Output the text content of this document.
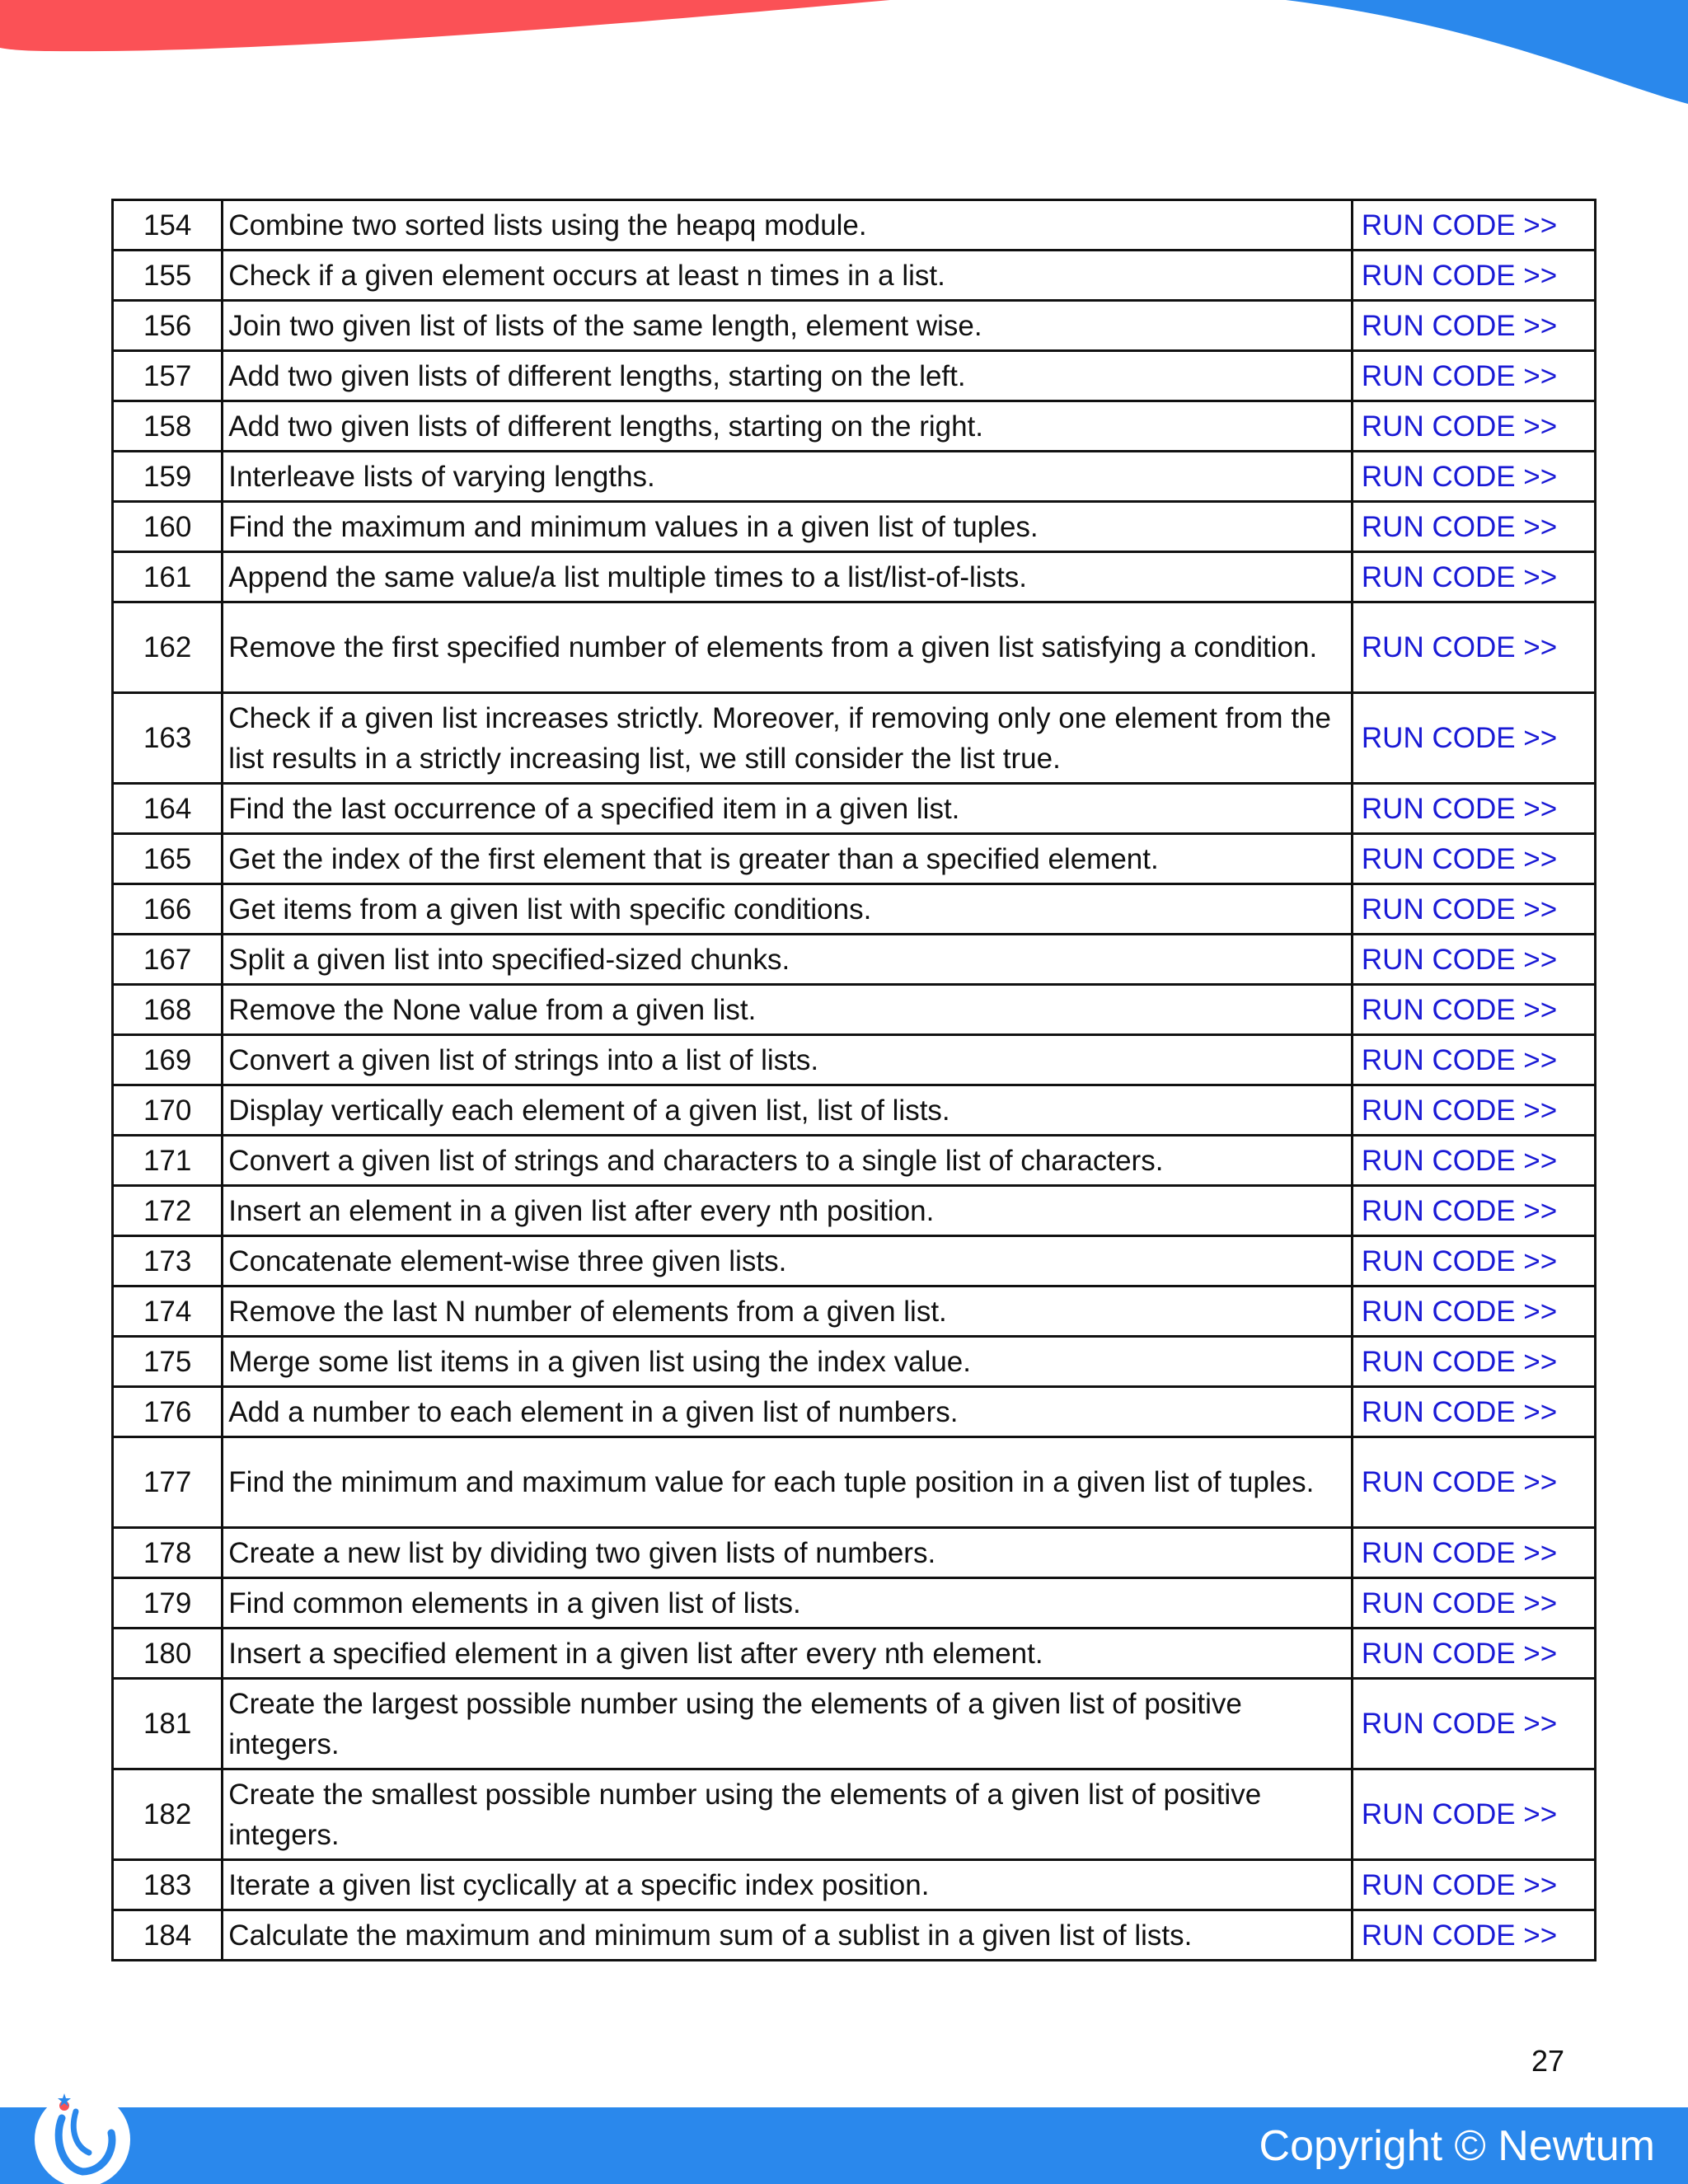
154	Combine two sorted lists using the heapq module.	RUN CODE >>
155	Check if a given element occurs at least n times in a list.	RUN CODE >>
156	Join two given list of lists of the same length, element wise.	RUN CODE >>
157	Add two given lists of different lengths, starting on the left.	RUN CODE >>
158	Add two given lists of different lengths, starting on the right.	RUN CODE >>
159	Interleave lists of varying lengths.	RUN CODE >>
160	Find the maximum and minimum values in a given list of tuples.	RUN CODE >>
161	Append the same value/a list multiple times to a list/list-of-lists.	RUN CODE >>
162	Remove the first specified number of elements from a given list satisfying a condition.	RUN CODE >>
163	Check if a given list increases strictly. Moreover, if removing only one element from the list results in a strictly increasing list, we still consider the list true.	RUN CODE >>
164	Find the last occurrence of a specified item in a given list.	RUN CODE >>
165	Get the index of the first element that is greater than a specified element.	RUN CODE >>
166	Get items from a given list with specific conditions.	RUN CODE >>
167	Split a given list into specified-sized chunks.	RUN CODE >>
168	Remove the None value from a given list.	RUN CODE >>
169	Convert a given list of strings into a list of lists.	RUN CODE >>
170	Display vertically each element of a given list, list of lists.	RUN CODE >>
171	Convert a given list of strings and characters to a single list of characters.	RUN CODE >>
172	Insert an element in a given list after every nth position.	RUN CODE >>
173	Concatenate element-wise three given lists.	RUN CODE >>
174	Remove the last N number of elements from a given list.	RUN CODE >>
175	Merge some list items in a given list using the index value.	RUN CODE >>
176	Add a number to each element in a given list of numbers.	RUN CODE >>
177	Find the minimum and maximum value for each tuple position in a given list of tuples.	RUN CODE >>
178	Create a new list by dividing two given lists of numbers.	RUN CODE >>
179	Find common elements in a given list of lists.	RUN CODE >>
180	Insert a specified element in a given list after every nth element.	RUN CODE >>
181	Create the largest possible number using the elements of a given list of positive integers.	RUN CODE >>
182	Create the smallest possible number using the elements of a given list of positive integers.	RUN CODE >>
183	Iterate a given list cyclically at a specific index position.	RUN CODE >>
184	Calculate the maximum and minimum sum of a sublist in a given list of lists.	RUN CODE >>
27
Copyright © Newtum
